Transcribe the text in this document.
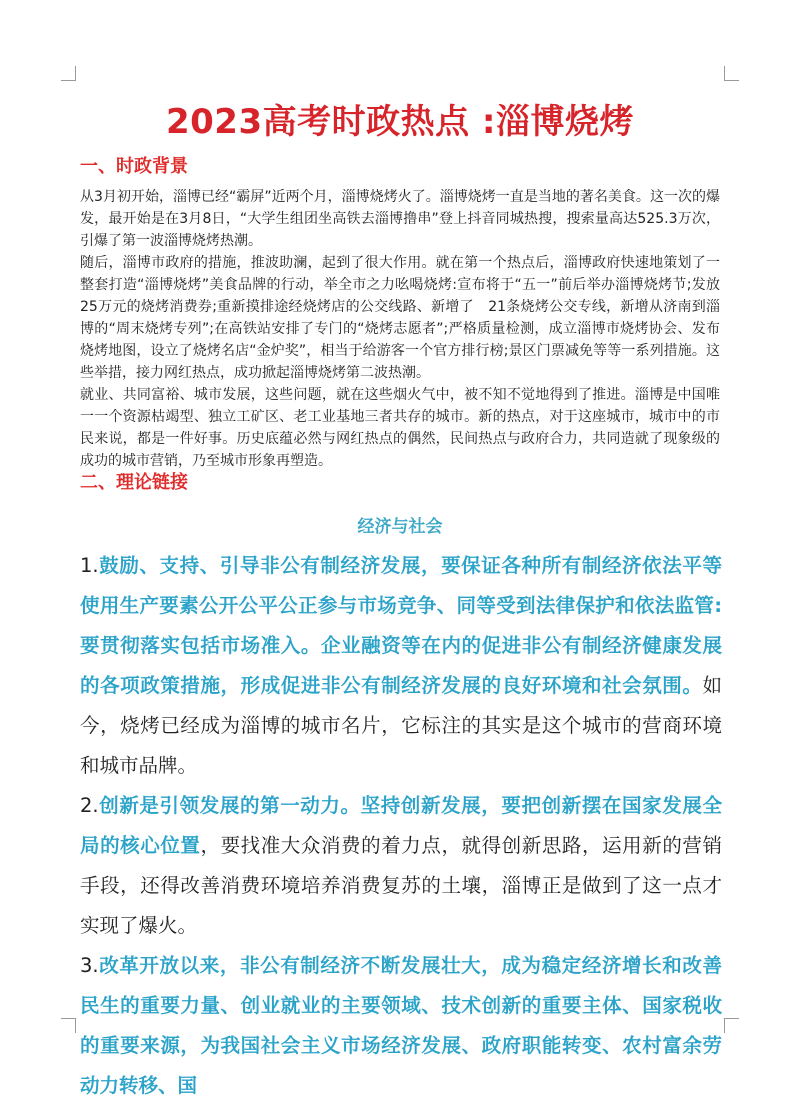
2023高考时政热点 :淄博烧烤
一、时政背景

从3月初开始，淄博已经“霸屏”近两个月，淄博烧烤火了。淄博烧烤一直是当地的著名美食。这一次的爆发，最开始是在3月8日，“大学生组团坐高铁去淄博撸串”登上抖音同城热搜，搜索量高达525.3万次，引爆了第一波淄博烧烤热潮。

随后，淄博市政府的措施，推波助澜，起到了很大作用。就在第一个热点后，淄博政府快速地策划了一整套打造“淄博烧烤”美食品牌的行动，举全市之力吆喝烧烤:宣布将于“五一”前后举办淄博烧烤节;发放25万元的烧烤消费券;重新摸排途经烧烤店的公交线路、新增了　21条烧烤公交专线，新增从济南到淄博的“周末烧烤专列”;在高铁站安排了专门的“烧烤志愿者”;严格质量检测，成立淄博市烧烤协会、发布烧烤地图，设立了烧烤名店“金炉奖”，相当于给游客一个官方排行榜;景区门票减免等等一系列措施。这些举措，接力网红热点，成功掀起淄博烧烤第二波热潮。

就业、共同富裕、城市发展，这些问题，就在这些烟火气中，被不知不觉地得到了推进。淄博是中国唯一一个资源枯竭型、独立工矿区、老工业基地三者共存的城市。新的热点，对于这座城市，城市中的市民来说，都是一件好事。历史底蕴必然与网红热点的偶然，民间热点与政府合力，共同造就了现象级的成功的城市营销，乃至城市形象再塑造。

二、理论链接
经济与社会

1.鼓励、支持、引导非公有制经济发展，要保证各种所有制经济依法平等使用生产要素公开公平公正参与市场竞争、同等受到法律保护和依法监管:要贯彻落实包括市场准入。企业融资等在内的促进非公有制经济健康发展的各项政策措施，形成促进非公有制经济发展的良好环境和社会氛围。如今，烧烤已经成为淄博的城市名片，它标注的其实是这个城市的营商环境和城市品牌。

2.创新是引领发展的第一动力。坚持创新发展，要把创新摆在国家发展全局的核心位置，要找准大众消费的着力点，就得创新思路，运用新的营销手段，还得改善消费环境培养消费复苏的土壤，淄博正是做到了这一点才实现了爆火。

3.改革开放以来，非公有制经济不断发展壮大，成为稳定经济增长和改善民生的重要力量、创业就业的主要领域、技术创新的重要主体、国家税收的重要来源，为我国社会主义市场经济发展、政府职能转变、农村富余劳动力转移、国
